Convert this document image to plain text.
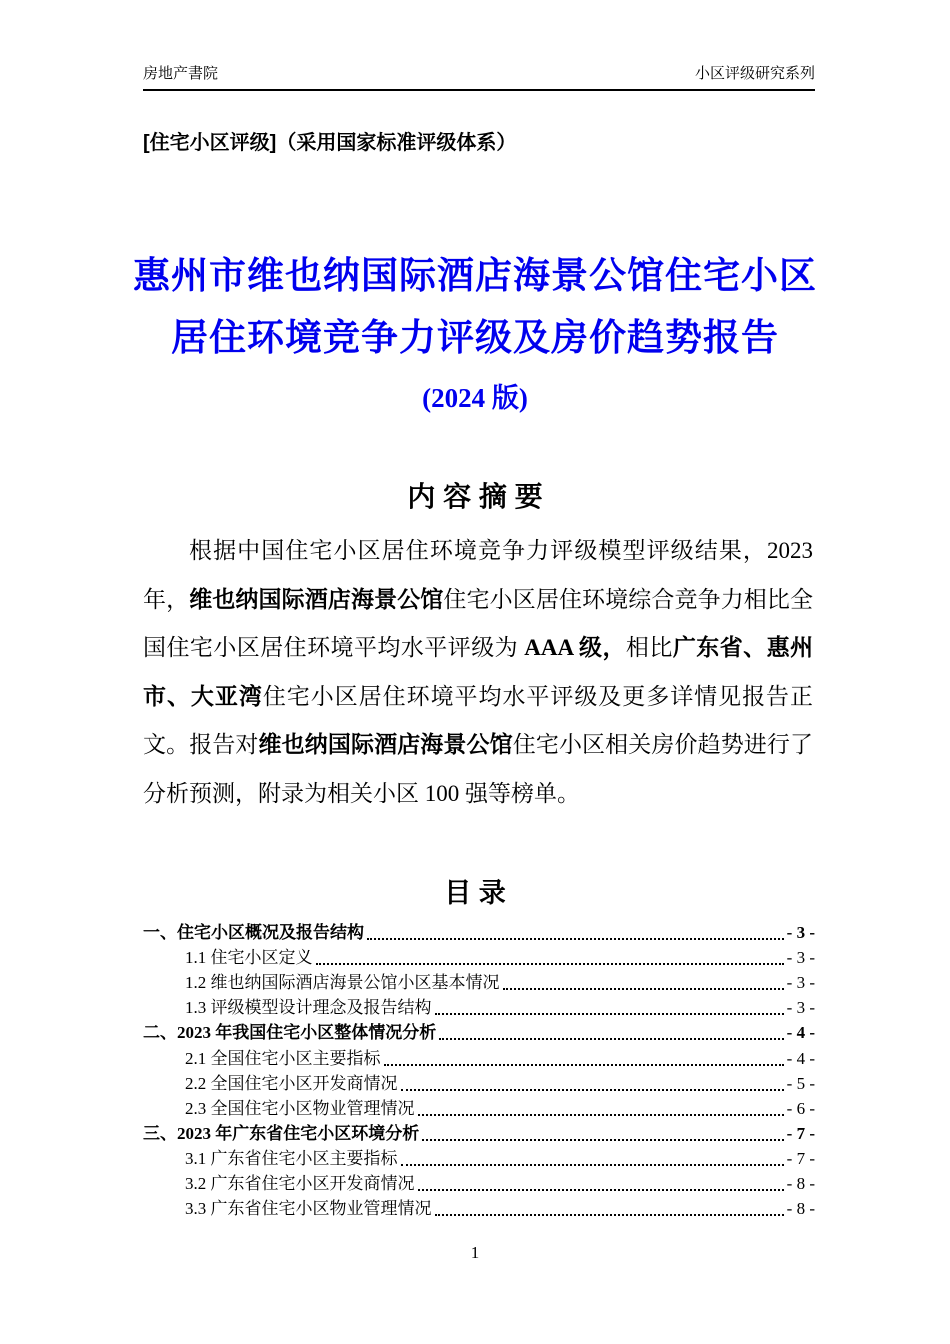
房地产書院	小区评级研究系列
[住宅小区评级]（采用国家标准评级体系）
惠州市维也纳国际酒店海景公馆住宅小区
居住环境竞争力评级及房价趋势报告
(2024 版)
内 容 摘 要
根据中国住宅小区居住环境竞争力评级模型评级结果，2023 年，维也纳国际酒店海景公馆住宅小区居住环境综合竞争力相比全国住宅小区居住环境平均水平评级为 AAA 级，相比广东省、惠州市、大亚湾住宅小区居住环境平均水平评级及更多详情见报告正文。报告对维也纳国际酒店海景公馆住宅小区相关房价趋势进行了分析预测，附录为相关小区 100 强等榜单。
目 录
一、住宅小区概况及报告结构	- 3 -
1.1 住宅小区定义	- 3 -
1.2 维也纳国际酒店海景公馆小区基本情况	- 3 -
1.3 评级模型设计理念及报告结构	- 3 -
二、2023 年我国住宅小区整体情况分析	- 4 -
2.1 全国住宅小区主要指标	- 4 -
2.2 全国住宅小区开发商情况	- 5 -
2.3 全国住宅小区物业管理情况	- 6 -
三、2023 年广东省住宅小区环境分析	- 7 -
3.1 广东省住宅小区主要指标	- 7 -
3.2 广东省住宅小区开发商情况	- 8 -
3.3 广东省住宅小区物业管理情况	- 8 -
1
